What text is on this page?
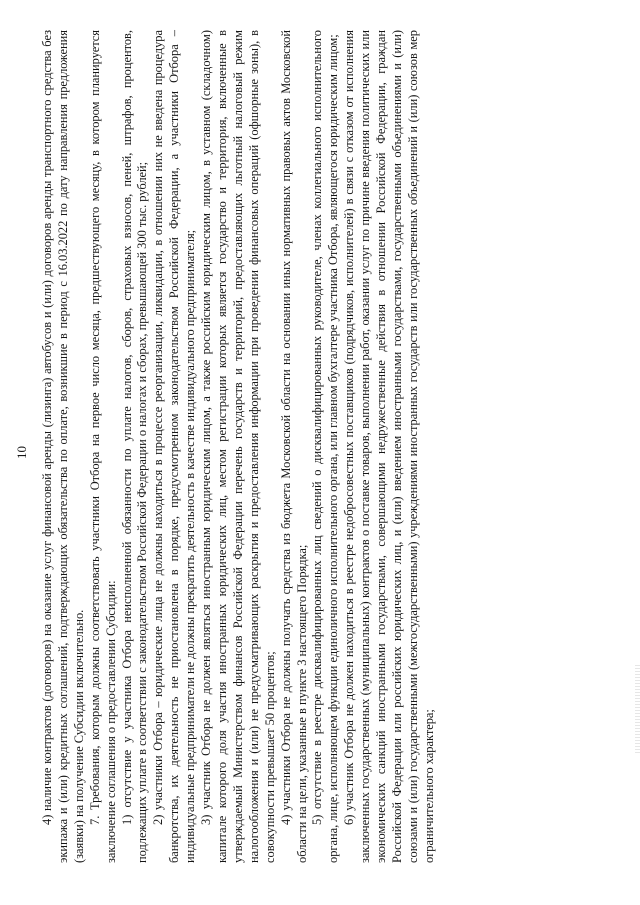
10 4) наличие контрактов (договоров) на оказание услуг финансовой аренды (лизинга) автобусов и (или) договоров аренды транспортного средства без экипажа и (или) кредитных соглашений, подтверждающих обязательства по оплате, возникшие в период с 16.03.2022 по дату направления предложения (заявки) на получение Субсидии включительно. 7. Требования, которым должны соответствовать участники Отбора на первое число месяца, предшествующего месяцу, в котором планируется заключение соглашения о предоставлении Субсидии: 1) отсутствие у участника Отбора неисполненной обязанности по уплате налогов, сборов, страховых взносов, пеней, штрафов, процентов, подлежащих уплате в соответствии с законодательством Российской Федерации о налогах и сборах, превышающей 300 тыс. рублей; 2) участники Отбора – юридические лица не должны находиться в процессе реорганизации, ликвидации, в отношении них не введена процедура банкротства, их деятельность не приостановлена в порядке, предусмотренном законодательством Российской Федерации, а участники Отбора – индивидуальные предприниматели не должны прекратить деятельность в качестве индивидуального предпринимателя; 3) участник Отбора не должен являться иностранным юридическим лицом, а также российским юридическим лицом, в уставном (складочном) капитале которого доля участия иностранных юридических лиц, местом регистрации которых является государство и территория, включенные в утверждаемый Министерством финансов Российской Федерации перечень государств и территорий, предоставляющих льготный налоговый режим налогообложения и (или) не предусматривающих раскрытия и предоставления информации при проведении финансовых операций (офшорные зоны), в совокупности превышает 50 процентов; 4) участники Отбора не должны получать средства из бюджета Московской области на основании иных нормативных правовых актов Московской области на цели, указанные в пункте 3 настоящего Порядка; 5) отсутствие в реестре дисквалифицированных лиц сведений о дисквалифицированных руководителе, членах коллегиального исполнительного органа, лице, исполняющем функции единоличного исполнительного органа, или главном бухгалтере участника Отбора, являющегося юридическим лицом; 6) участник Отбора не должен находиться в реестре недобросовестных поставщиков (подрядчиков, исполнителей) в связи с отказом от исполнения заключенных государственных (муниципальных) контрактов о поставке товаров, выполнении работ, оказании услуг по причине введения политических или экономических санкций иностранными государствами, совершающими недружественные действия в отношении Российской Федерации, граждан Российской Федерации или российских юридических лиц, и (или) введением иностранными государствами, государственными объединениями и (или) союзами и (или) государственными (межгосударственными) учреждениями иностранных государств или государственных объединений и (или) союзов мер ограничительного характера;
